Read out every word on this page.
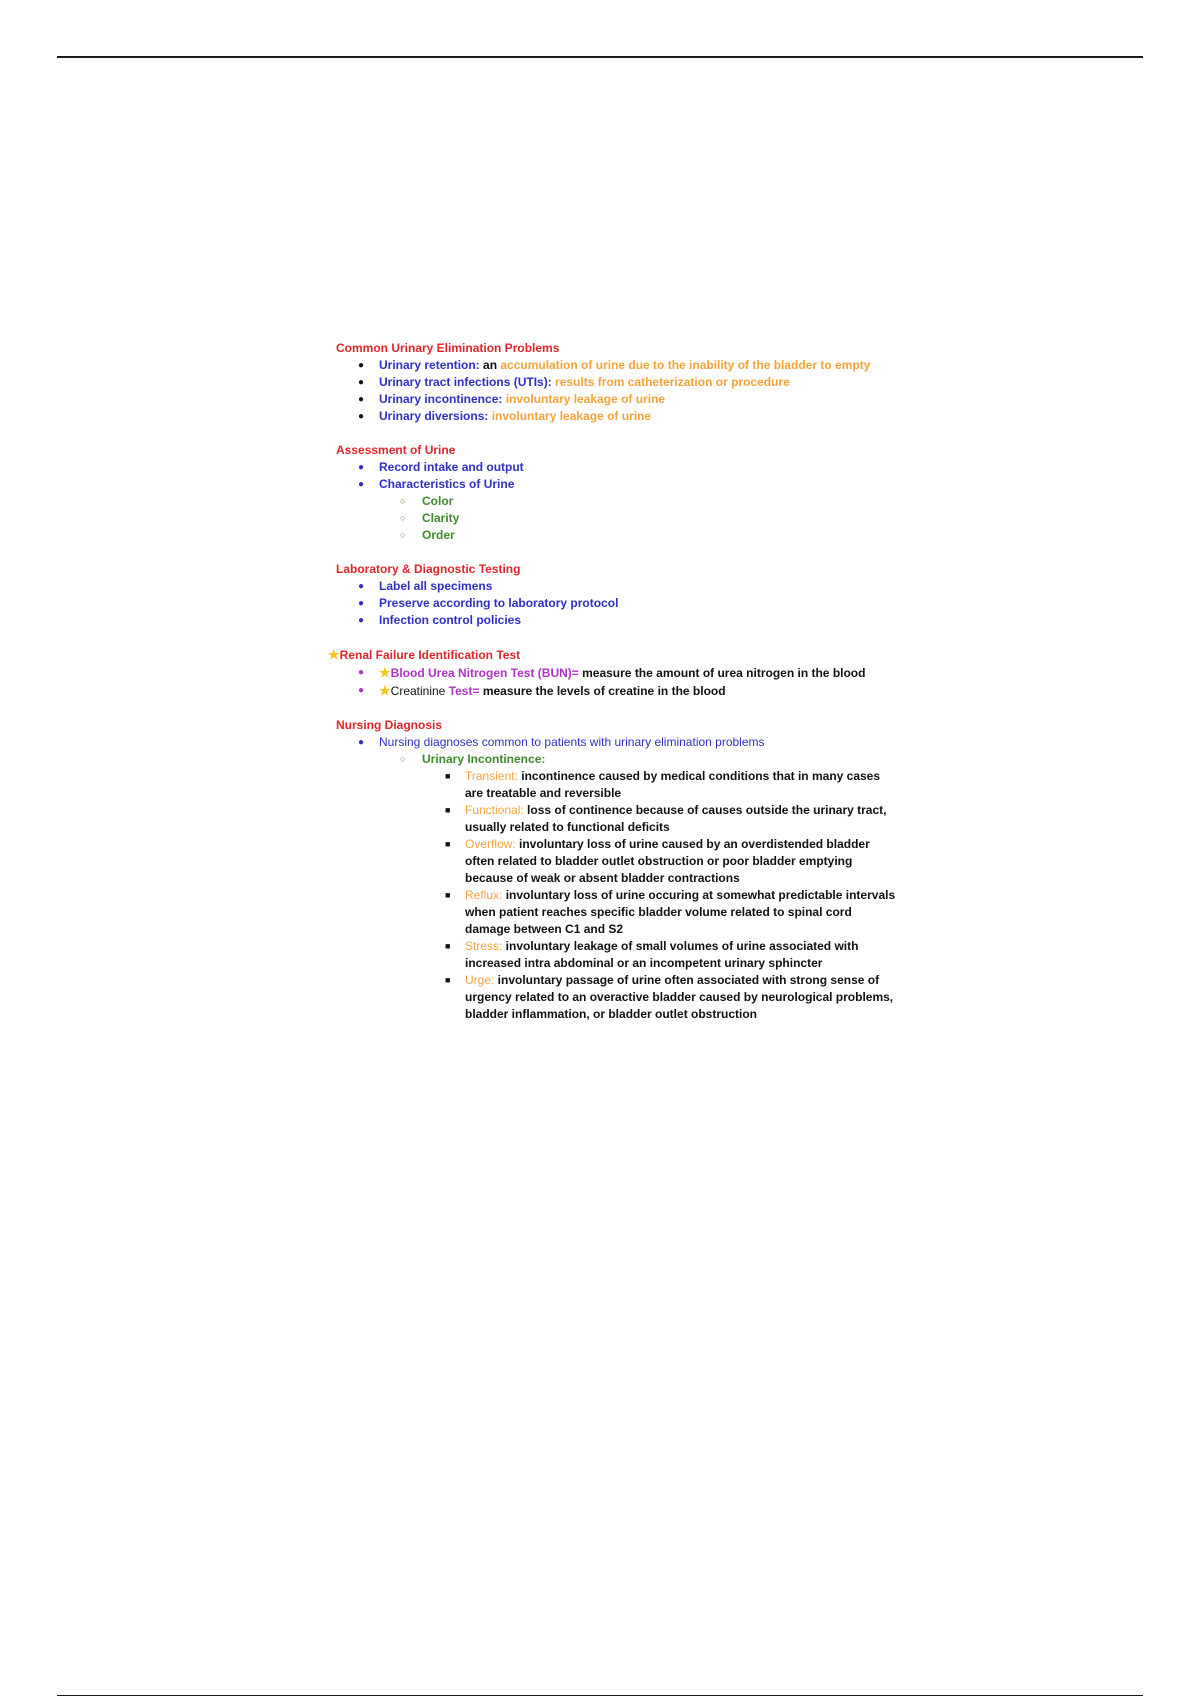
Common Urinary Elimination Problems

● Urinary retention: an accumulation of urine due to the inability of the bladder to empty
● Urinary tract infections (UTIs): results from catheterization or procedure
● Urinary incontinence: involuntary leakage of urine
● Urinary diversions: involuntary leakage of urine

Assessment of Urine

● Record intake and output
● Characteristics of Urine
○ Color
○ Clarity
○ Order

Laboratory & Diagnostic Testing

● Label all specimens
● Preserve according to laboratory protocol
● Infection control policies

★Renal Failure Identification Test

● ★Blood Urea Nitrogen Test (BUN)= measure the amount of urea nitrogen in the blood
● ★Creatinine Test= measure the levels of creatine in the blood

Nursing Diagnosis

● Nursing diagnoses common to patients with urinary elimination problems
○ Urinary Incontinence:
■ Transient: incontinence caused by medical conditions that in many cases are treatable and reversible
■ Functional: loss of continence because of causes outside the urinary tract, usually related to functional deficits
■ Overflow: involuntary loss of urine caused by an overdistended bladder often related to bladder outlet obstruction or poor bladder emptying because of weak or absent bladder contractions
■ Reflux: involuntary loss of urine occuring at somewhat predictable intervals when patient reaches specific bladder volume related to spinal cord damage between C1 and S2
■ Stress: involuntary leakage of small volumes of urine associated with increased intra abdominal or an incompetent urinary sphincter
■ Urge: involuntary passage of urine often associated with strong sense of urgency related to an overactive bladder caused by neurological problems, bladder inflammation, or bladder outlet obstruction
